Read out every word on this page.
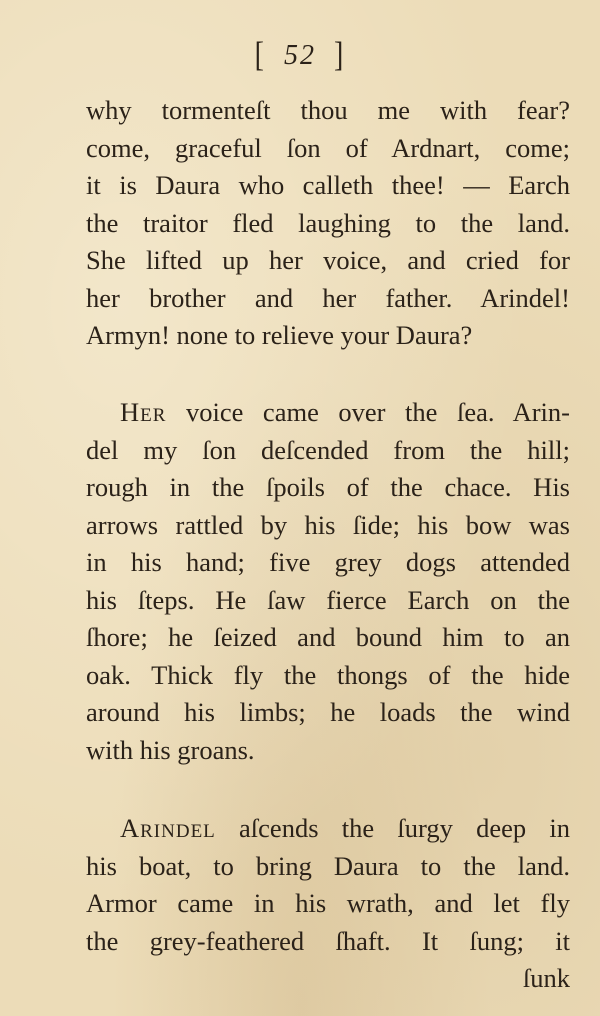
[ 52 ]
why tormenteſt thou me with fear?
come, graceful ſon of Ardnart, come;
it is Daura who calleth thee! — Earch
the traitor fled laughing to the land.
She lifted up her voice, and cried for
her brother and her father. Arindel!
Armyn! none to relieve your Daura?
Her voice came over the ſea. Arin-
del my ſon deſcended from the hill;
rough in the ſpoils of the chace. His
arrows rattled by his ſide; his bow was
in his hand; five grey dogs attended
his ſteps. He ſaw fierce Earch on the
ſhore; he ſeized and bound him to an
oak. Thick fly the thongs of the hide
around his limbs; he loads the wind
with his groans.
Arindel aſcends the ſurgy deep in
his boat, to bring Daura to the land.
Armor came in his wrath, and let fly
the grey-feathered ſhaft. It ſung; it
ſunk
